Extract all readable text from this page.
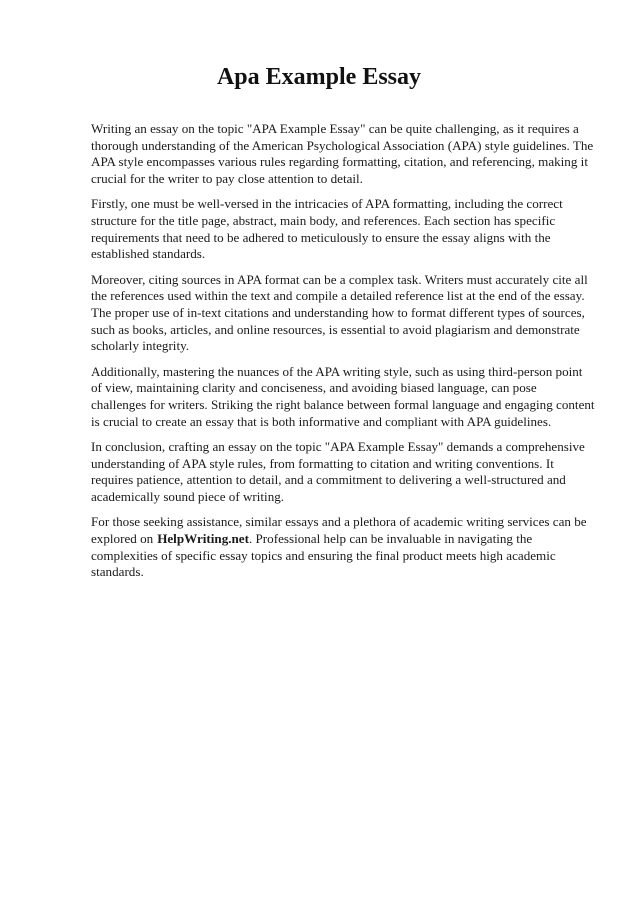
Apa Example Essay

Writing an essay on the topic "APA Example Essay" can be quite challenging, as it requires a thorough understanding of the American Psychological Association (APA) style guidelines. The APA style encompasses various rules regarding formatting, citation, and referencing, making it crucial for the writer to pay close attention to detail.

Firstly, one must be well-versed in the intricacies of APA formatting, including the correct structure for the title page, abstract, main body, and references. Each section has specific requirements that need to be adhered to meticulously to ensure the essay aligns with the established standards.

Moreover, citing sources in APA format can be a complex task. Writers must accurately cite all the references used within the text and compile a detailed reference list at the end of the essay. The proper use of in-text citations and understanding how to format different types of sources, such as books, articles, and online resources, is essential to avoid plagiarism and demonstrate scholarly integrity.

Additionally, mastering the nuances of the APA writing style, such as using third-person point of view, maintaining clarity and conciseness, and avoiding biased language, can pose challenges for writers. Striking the right balance between formal language and engaging content is crucial to create an essay that is both informative and compliant with APA guidelines.

In conclusion, crafting an essay on the topic "APA Example Essay" demands a comprehensive understanding of APA style rules, from formatting to citation and writing conventions. It requires patience, attention to detail, and a commitment to delivering a well-structured and academically sound piece of writing.

For those seeking assistance, similar essays and a plethora of academic writing services can be explored on HelpWriting.net. Professional help can be invaluable in navigating the complexities of specific essay topics and ensuring the final product meets high academic standards.
